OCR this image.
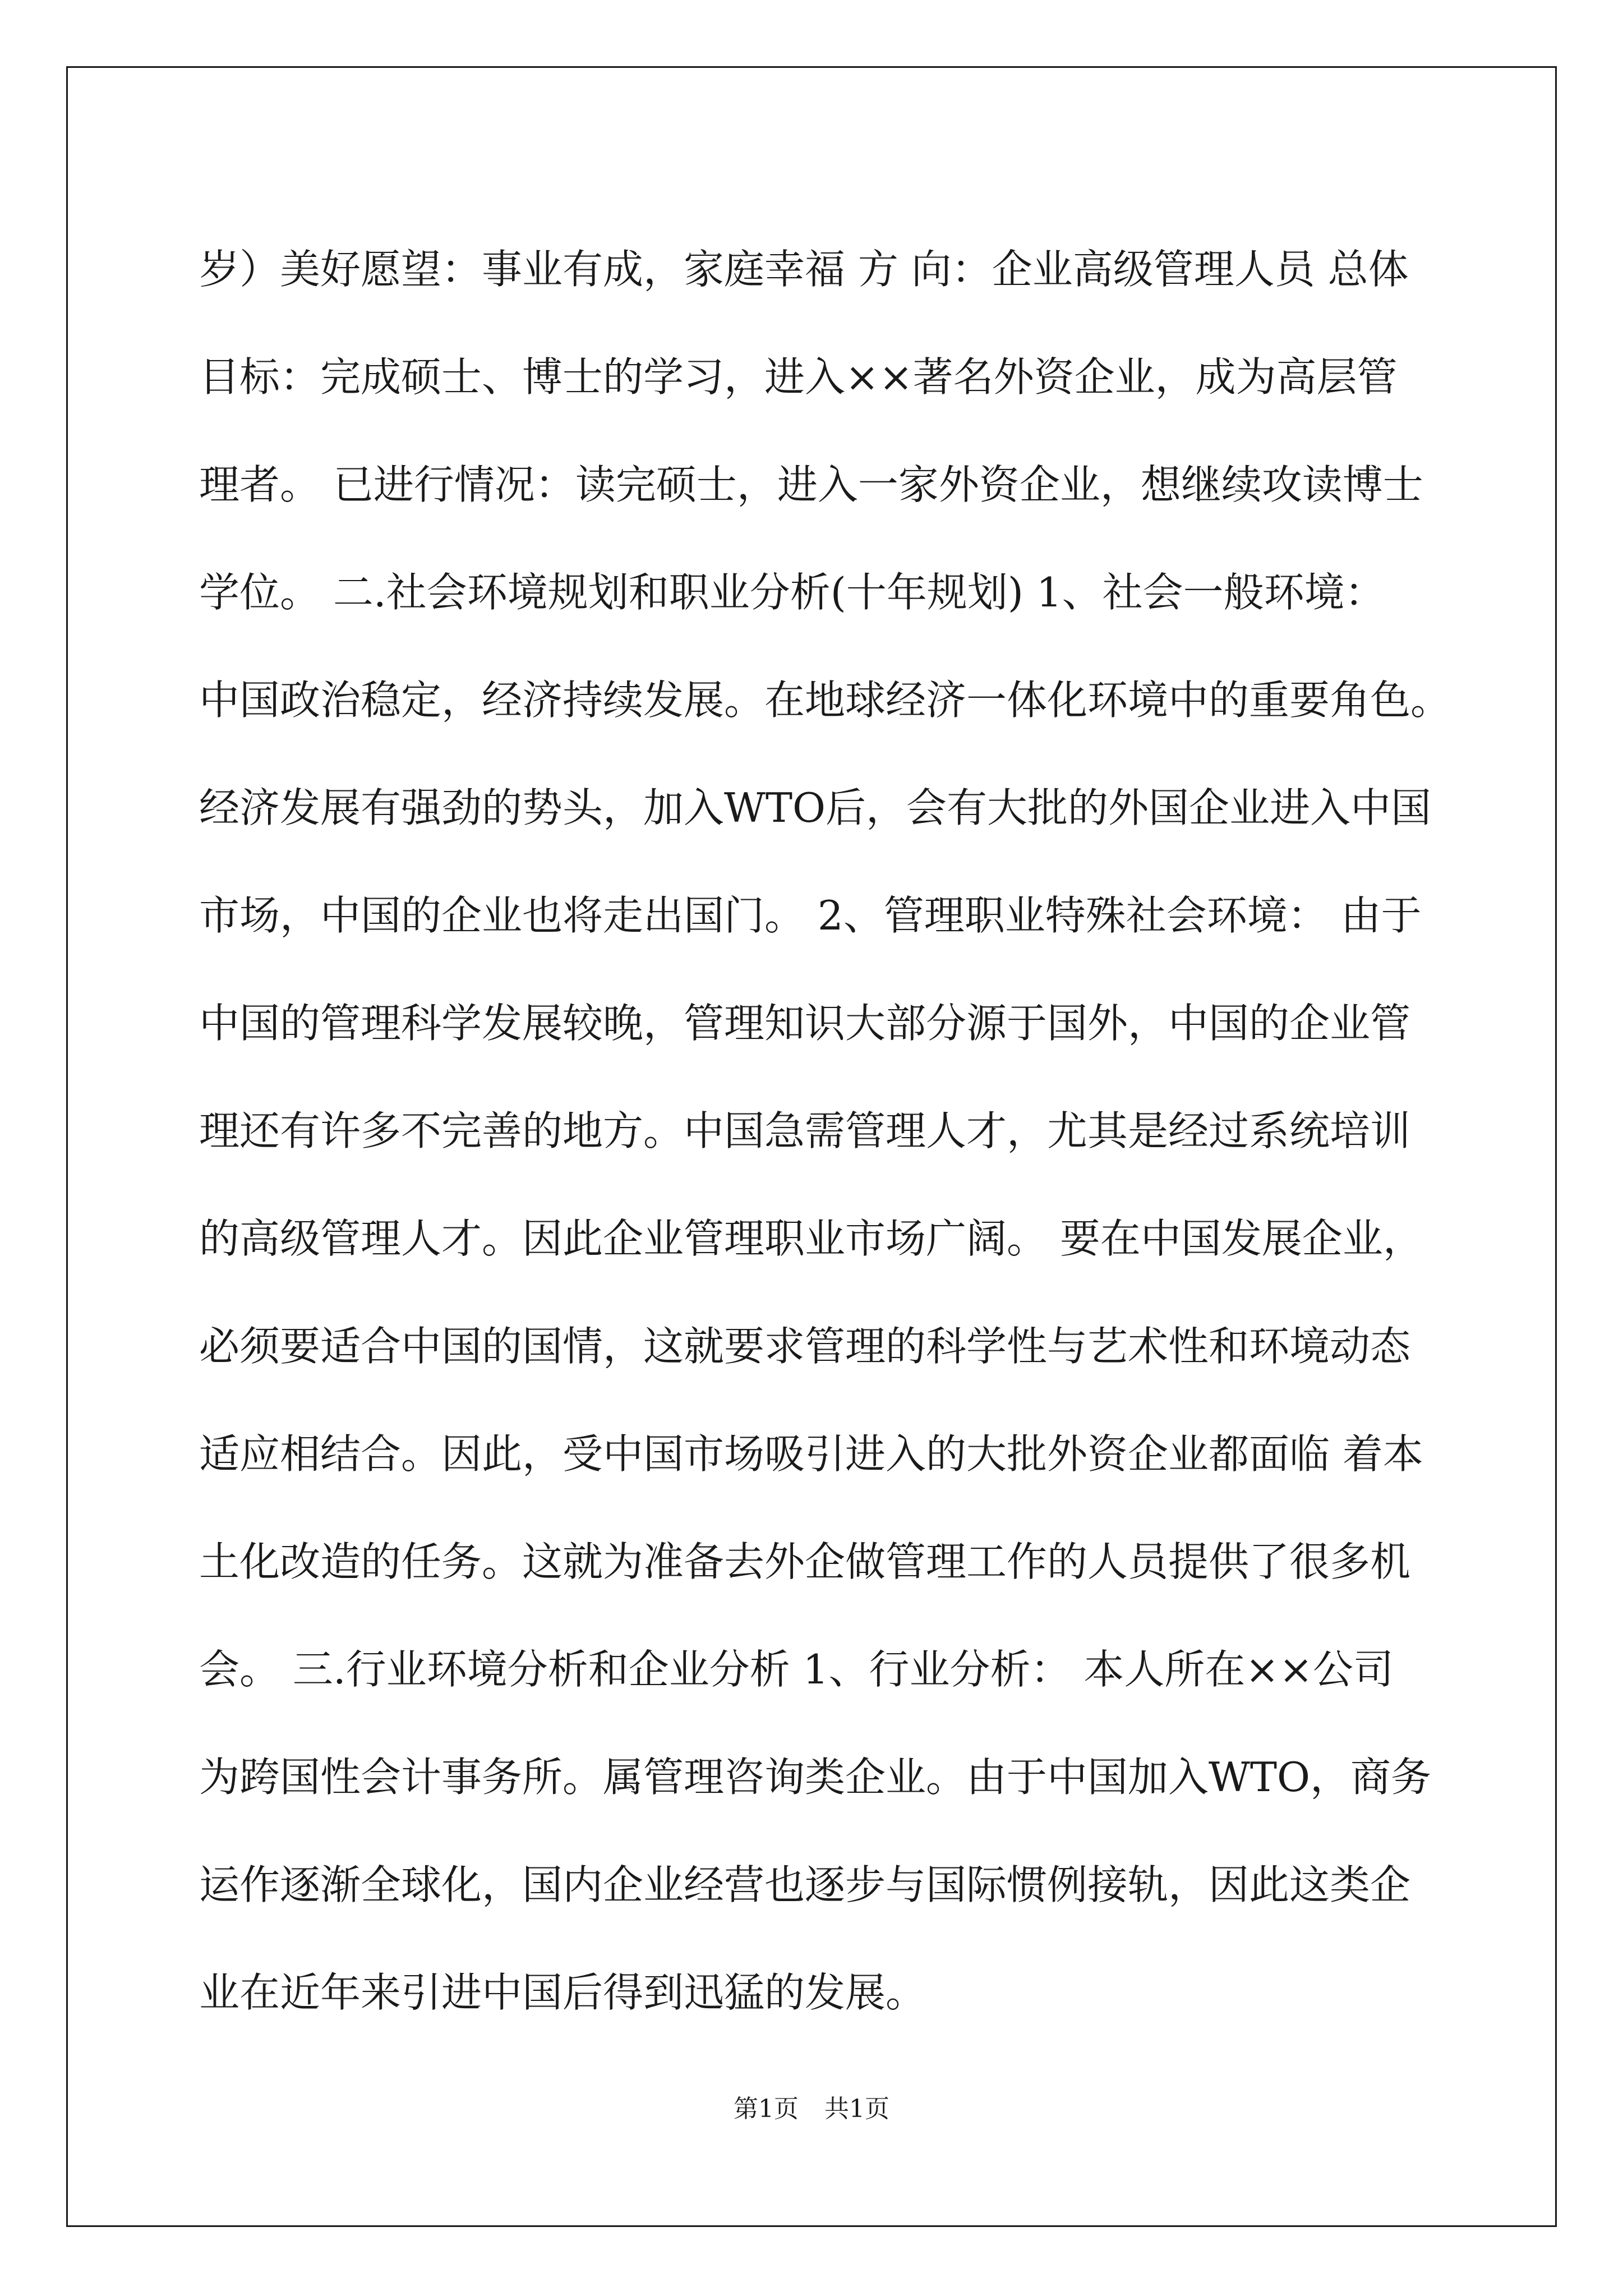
岁）美好愿望：事业有成，家庭幸福 方 向：企业高级管理人员 总体
目标：完成硕士、博士的学习，进入××著名外资企业，成为高层管
理者。 已进行情况：读完硕士，进入一家外资企业，想继续攻读博士
学位。 二.社会环境规划和职业分析(十年规划) 1、社会一般环境：
中国政治稳定，经济持续发展。在地球经济一体化环境中的重要角色。
经济发展有强劲的势头，加入WTO后，会有大批的外国企业进入中国
市场，中国的企业也将走出国门。 2、管理职业特殊社会环境： 由于
中国的管理科学发展较晚，管理知识大部分源于国外，中国的企业管
理还有许多不完善的地方。中国急需管理人才，尤其是经过系统培训
的高级管理人才。因此企业管理职业市场广阔。 要在中国发展企业，
必须要适合中国的国情，这就要求管理的科学性与艺术性和环境动态
适应相结合。因此，受中国市场吸引进入的大批外资企业都面临 着本
土化改造的任务。这就为准备去外企做管理工作的人员提供了很多机
会。 三.行业环境分析和企业分析 1、行业分析： 本人所在××公司
为跨国性会计事务所。属管理咨询类企业。由于中国加入WTO，商务
运作逐渐全球化，国内企业经营也逐步与国际惯例接轨，因此这类企
业在近年来引进中国后得到迅猛的发展。

第1页 共1页
